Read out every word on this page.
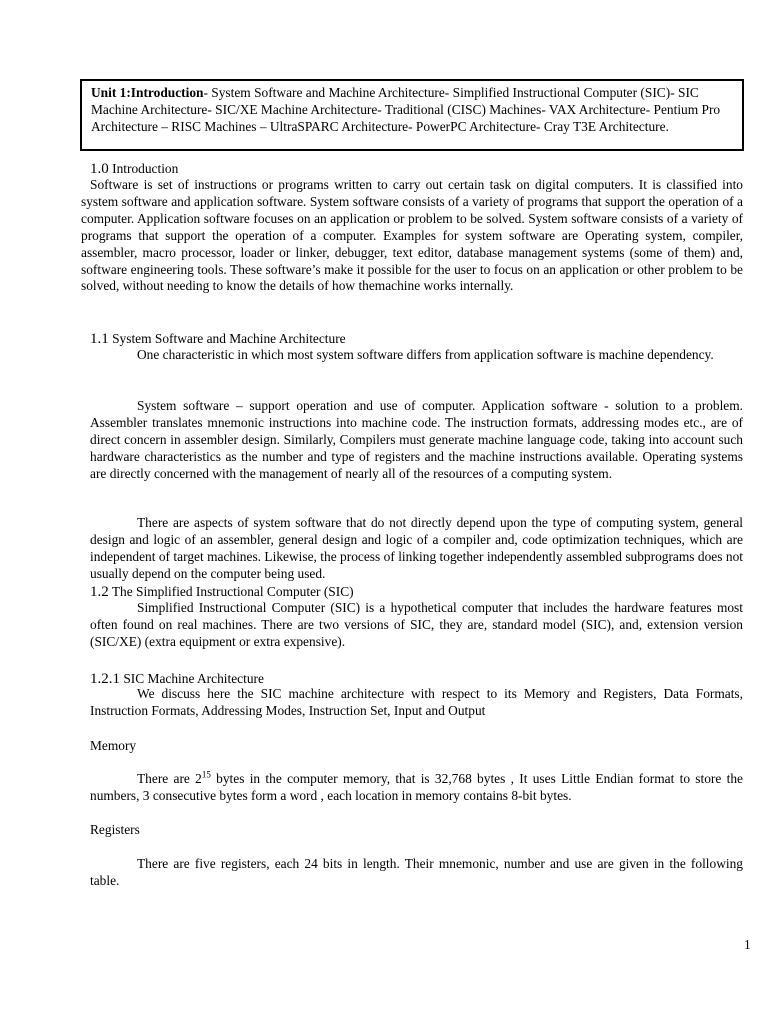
Unit 1:Introduction- System Software and Machine Architecture- Simplified Instructional Computer (SIC)- SIC Machine Architecture- SIC/XE Machine Architecture- Traditional (CISC) Machines- VAX Architecture- Pentium Pro Architecture – RISC Machines – UltraSPARC Architecture- PowerPC Architecture- Cray T3E Architecture.
1.0 Introduction
Software is set of instructions or programs written to carry out certain task on digital computers. It is classified into system software and application software. System software consists of a variety of programs that support the operation of a computer. Application software focuses on an application or problem to be solved. System software consists of a variety of programs that support the operation of a computer. Examples for system software are Operating system, compiler, assembler, macro processor, loader or linker, debugger, text editor, database management systems (some of them) and, software engineering tools. These software’s make it possible for the user to focus on an application or other problem to be solved, without needing to know the details of how themachine works internally.
1.1 System Software and Machine Architecture
One characteristic in which most system software differs from application software is machine dependency.
System software – support operation and use of computer. Application software - solution to a problem. Assembler translates mnemonic instructions into machine code. The instruction formats, addressing modes etc., are of direct concern in assembler design. Similarly, Compilers must generate machine language code, taking into account such hardware characteristics as the number and type of registers and the machine instructions available. Operating systems are directly concerned with the management of nearly all of the resources of a computing system.
There are aspects of system software that do not directly depend upon the type of computing system, general design and logic of an assembler, general design and logic of a compiler and, code optimization techniques, which are independent of target machines. Likewise, the process of linking together independently assembled subprograms does not usually depend on the computer being used.
1.2 The Simplified Instructional Computer (SIC)
Simplified Instructional Computer (SIC) is a hypothetical computer that includes the hardware features most often found on real machines. There are two versions of SIC, they are, standard model (SIC), and, extension version (SIC/XE) (extra equipment or extra expensive).
1.2.1 SIC Machine Architecture
We discuss here the SIC machine architecture with respect to its Memory and Registers, Data Formats, Instruction Formats, Addressing Modes, Instruction Set, Input and Output
Memory
There are $2^{15}$ bytes in the computer memory, that is 32,768 bytes , It uses Little Endian format to store the numbers, 3 consecutive bytes form a word , each location in memory contains 8-bit bytes.
Registers
There are five registers, each 24 bits in length. Their mnemonic, number and use are given in the following table.
1
